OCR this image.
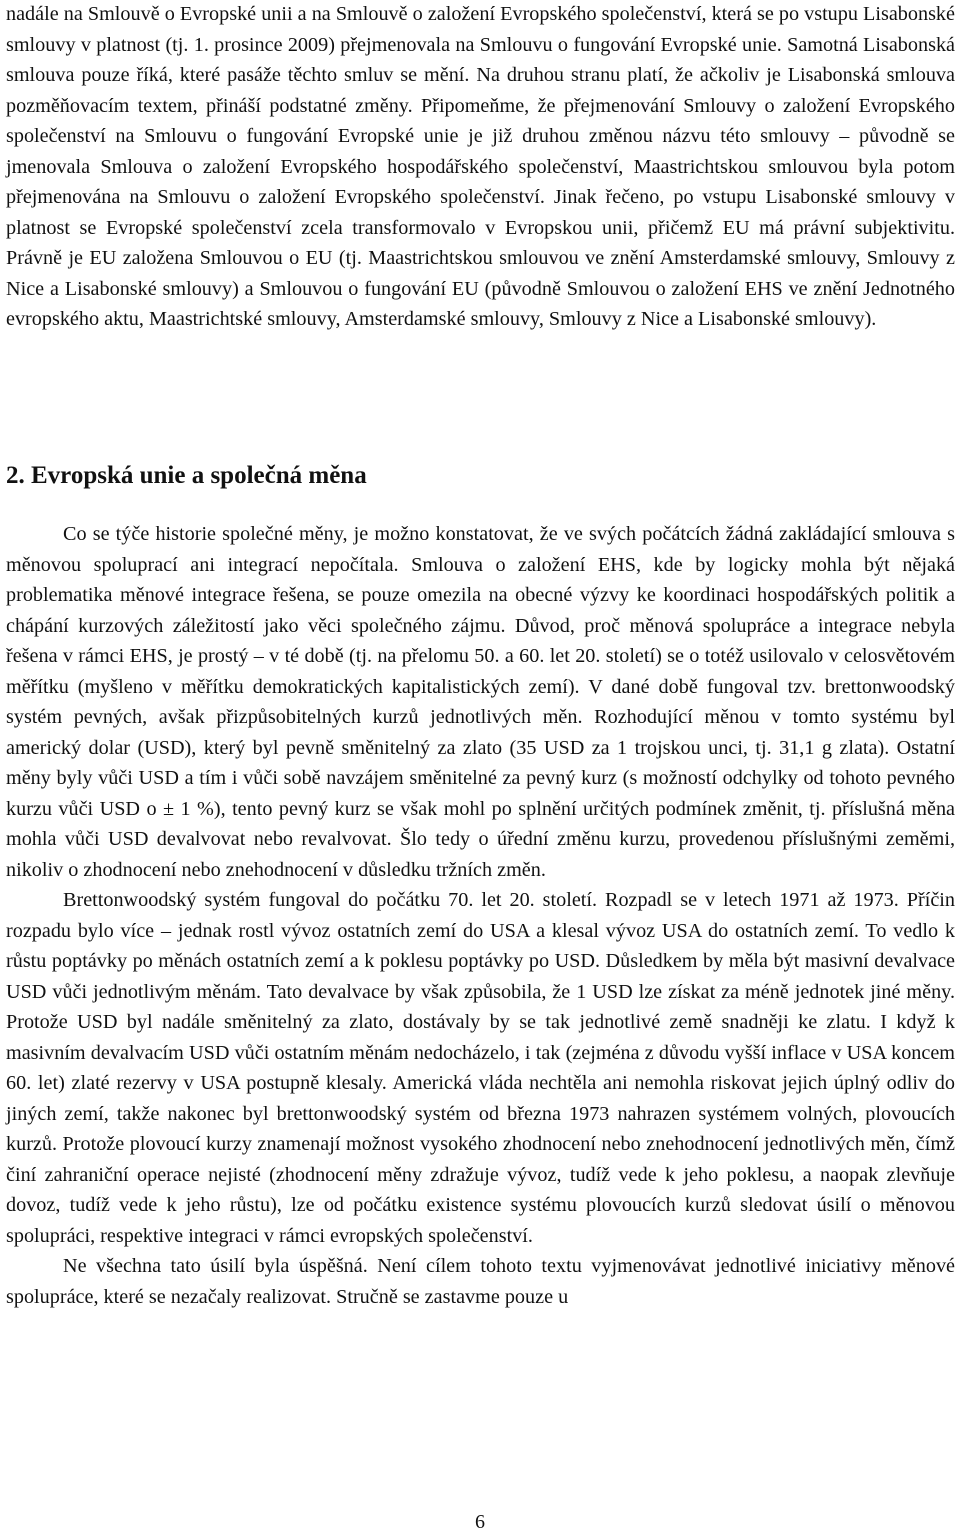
nadále na Smlouvě o Evropské unii a na Smlouvě o založení Evropského společenství, která se po vstupu Lisabonské smlouvy v platnost (tj. 1. prosince 2009) přejmenovala na Smlouvu o fungování Evropské unie. Samotná Lisabonská smlouva pouze říká, které pasáže těchto smluv se mění. Na druhou stranu platí, že ačkoliv je Lisabonská smlouva pozměňovacím textem, přináší podstatné změny. Připomeňme, že přejmenování Smlouvy o založení Evropského společenství na Smlouvu o fungování Evropské unie je již druhou změnou názvu této smlouvy – původně se jmenovala Smlouva o založení Evropského hospodářského společenství, Maastrichtskou smlouvou byla potom přejmenována na Smlouvu o založení Evropského společenství. Jinak řečeno, po vstupu Lisabonské smlouvy v platnost se Evropské společenství zcela transformovalo v Evropskou unii, přičemž EU má právní subjektivitu. Právně je EU založena Smlouvou o EU (tj. Maastrichtskou smlouvou ve znění Amsterdamské smlouvy, Smlouvy z Nice a Lisabonské smlouvy) a Smlouvou o fungování EU (původně Smlouvou o založení EHS ve znění Jednotného evropského aktu, Maastrichtské smlouvy, Amsterdamské smlouvy, Smlouvy z Nice a Lisabonské smlouvy).

2. Evropská unie a společná měna

Co se týče historie společné měny, je možno konstatovat, že ve svých počátcích žádná zakládající smlouva s měnovou spoluprací ani integrací nepočítala. Smlouva o založení EHS, kde by logicky mohla být nějaká problematika měnové integrace řešena, se pouze omezila na obecné výzvy ke koordinaci hospodářských politik a chápání kurzových záležitostí jako věci společného zájmu. Důvod, proč měnová spolupráce a integrace nebyla řešena v rámci EHS, je prostý – v té době (tj. na přelomu 50. a 60. let 20. století) se o totéž usilovalo v celosvětovém měřítku (myšleno v měřítku demokratických kapitalistických zemí). V dané době fungoval tzv. brettonwoodský systém pevných, avšak přizpůsobitelných kurzů jednotlivých měn. Rozhodující měnou v tomto systému byl americký dolar (USD), který byl pevně směnitelný za zlato (35 USD za 1 trojskou unci, tj. 31,1 g zlata). Ostatní měny byly vůči USD a tím i vůči sobě navzájem směnitelné za pevný kurz (s možností odchylky od tohoto pevného kurzu vůči USD o ± 1 %), tento pevný kurz se však mohl po splnění určitých podmínek změnit, tj. příslušná měna mohla vůči USD devalvovat nebo revalvovat. Šlo tedy o úřední změnu kurzu, provedenou příslušnými zeměmi, nikoliv o zhodnocení nebo znehodnocení v důsledku tržních změn.

Brettonwoodský systém fungoval do počátku 70. let 20. století. Rozpadl se v letech 1971 až 1973. Příčin rozpadu bylo více – jednak rostl vývoz ostatních zemí do USA a klesal vývoz USA do ostatních zemí. To vedlo k růstu poptávky po měnách ostatních zemí a k poklesu poptávky po USD. Důsledkem by měla být masivní devalvace USD vůči jednotlivým měnám. Tato devalvace by však způsobila, že 1 USD lze získat za méně jednotek jiné měny. Protože USD byl nadále směnitelný za zlato, dostávaly by se tak jednotlivé země snadněji ke zlatu. I když k masivním devalvacím USD vůči ostatním měnám nedocházelo, i tak (zejména z důvodu vyšší inflace v USA koncem 60. let) zlaté rezervy v USA postupně klesaly. Americká vláda nechtěla ani nemohla riskovat jejich úplný odliv do jiných zemí, takže nakonec byl brettonwoodský systém od března 1973 nahrazen systémem volných, plovoucích kurzů. Protože plovoucí kurzy znamenají možnost vysokého zhodnocení nebo znehodnocení jednotlivých měn, čímž činí zahraniční operace nejisté (zhodnocení měny zdražuje vývoz, tudíž vede k jeho poklesu, a naopak zlevňuje dovoz, tudíž vede k jeho růstu), lze od počátku existence systému plovoucích kurzů sledovat úsilí o měnovou spolupráci, respektive integraci v rámci evropských společenství.

Ne všechna tato úsilí byla úspěšná. Není cílem tohoto textu vyjmenovávat jednotlivé iniciativy měnové spolupráce, které se nezačaly realizovat. Stručně se zastavme pouze u

6
